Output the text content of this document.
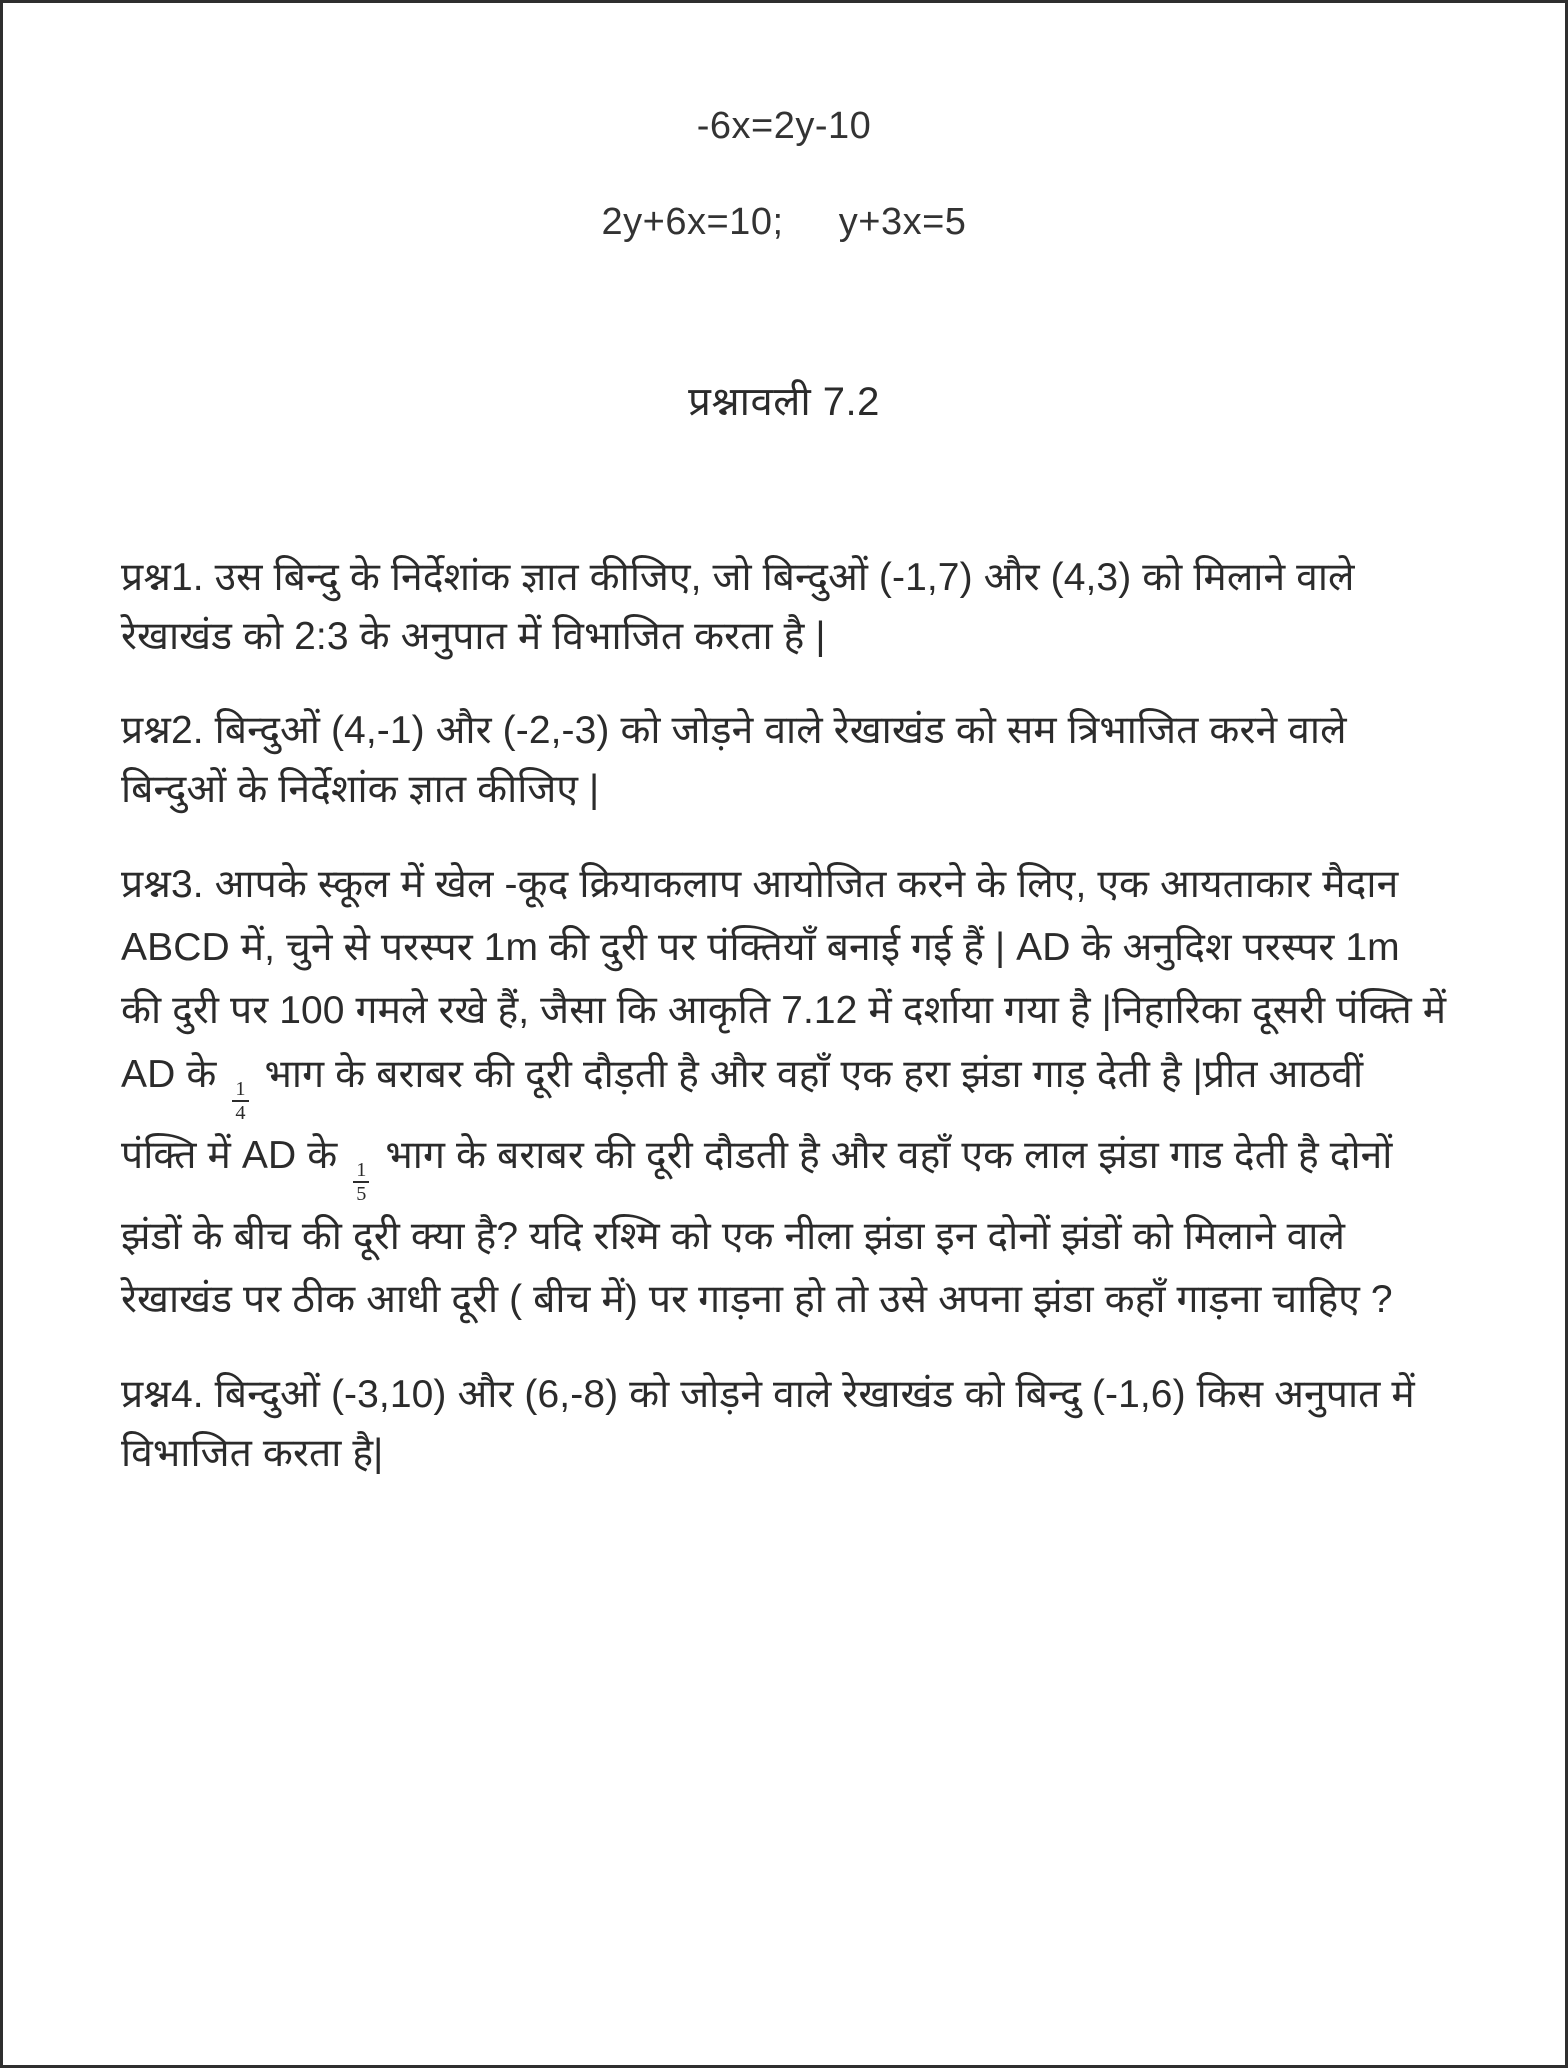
-6x=2y-10
2y+6x=10;     y+3x=5
प्रश्नावली 7.2

प्रश्न1. उस बिन्दु के निर्देशांक ज्ञात कीजिए, जो बिन्दुओं (-1,7) और (4,3) को मिलाने वाले रेखाखंड को 2:3 के अनुपात में विभाजित करता है |

प्रश्न2. बिन्दुओं (4,-1) और (-2,-3) को जोड़ने वाले रेखाखंड को सम त्रिभाजित करने वाले बिन्दुओं के निर्देशांक ज्ञात कीजिए |

प्रश्न3. आपके स्कूल में खेल -कूद क्रियाकलाप आयोजित करने के लिए, एक आयताकार मैदान ABCD में, चुने से परस्पर 1m की दुरी पर पंक्तियाँ बनाई गई हैं | AD के अनुदिश परस्पर 1m की दुरी पर 100 गमले रखे हैं, जैसा कि आकृति 7.12 में दर्शाया गया है |निहारिका दूसरी पंक्ति में AD के
$\frac{1}{4}$
भाग के बराबर की दूरी दौड़ती है और वहाँ एक हरा झंडा गाड़ देती है |प्रीत आठवीं पंक्ति में AD के
$\frac{1}{5}$
भाग के बराबर की दूरी दौडती है और वहाँ एक लाल झंडा गाड देती है दोनों झंडों के बीच की दूरी क्या है? यदि रश्मि को एक नीला झंडा इन दोनों झंडों को मिलाने वाले रेखाखंड पर ठीक आधी दूरी ( बीच में) पर गाड़ना हो तो उसे अपना झंडा कहाँ गाड़ना चाहिए ?

प्रश्न4. बिन्दुओं (-3,10) और (6,-8) को जोड़ने वाले रेखाखंड को बिन्दु (-1,6) किस अनुपात में विभाजित करता है|
